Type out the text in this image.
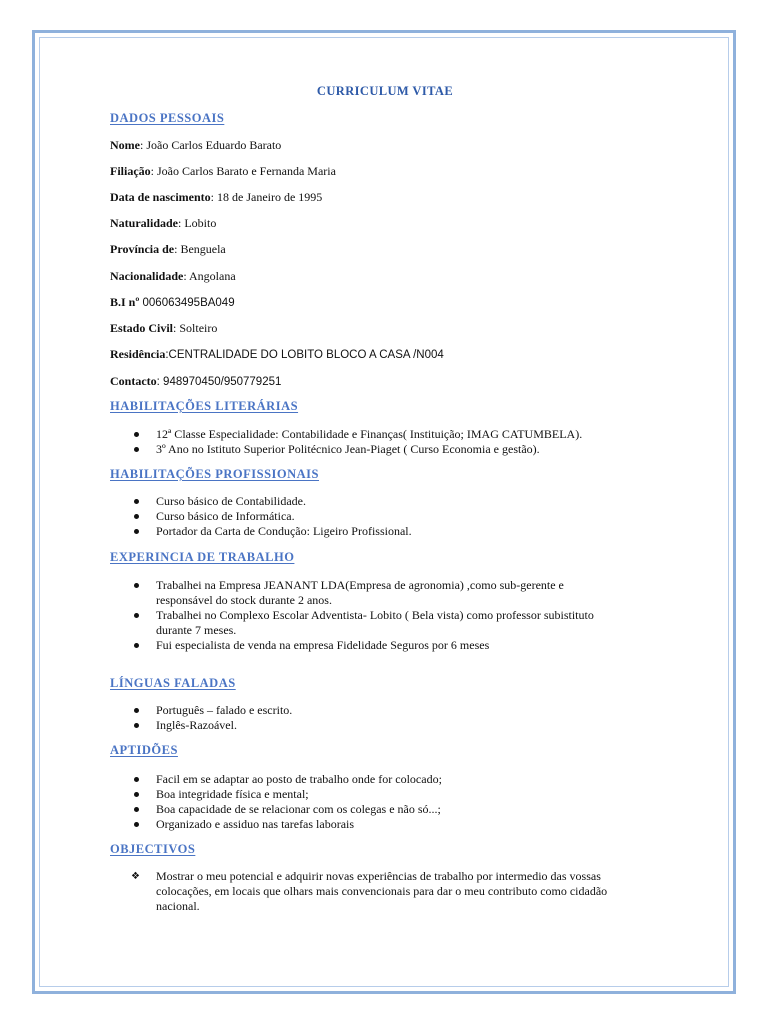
CURRICULUM VITAE
DADOS PESSOAIS
Nome: João Carlos Eduardo Barato
Filiação: João Carlos Barato e Fernanda Maria
Data de nascimento: 18 de Janeiro de 1995
Naturalidade: Lobito
Província de: Benguela
Nacionalidade: Angolana
B.I nº 006063495BA049
Estado Civil: Solteiro
Residência:CENTRALIDADE DO LOBITO BLOCO A CASA /N004
Contacto: 948970450/950779251
HABILITAÇÕES LITERÁRIAS
12ª Classe Especialidade: Contabilidade e Finanças( Instituição; IMAG CATUMBELA).
3º Ano no Istituto Superior Politécnico Jean-Piaget ( Curso Economia e gestão).
HABILITAÇÕES PROFISSIONAIS
Curso básico de Contabilidade.
Curso básico de Informática.
Portador da Carta de Condução: Ligeiro Profissional.
EXPERINCIA DE TRABALHO
Trabalhei na Empresa JEANANT LDA(Empresa de agronomia) ,como sub-gerente e
responsável do stock durante 2 anos.
Trabalhei no Complexo Escolar Adventista- Lobito ( Bela vista) como professor subistituto
durante 7 meses.
Fui especialista de venda na empresa Fidelidade Seguros por 6 meses
LÍNGUAS FALADAS
Português – falado e escrito.
Inglês-Razoável.
APTIDÕES
Facil em se adaptar ao posto de trabalho onde for colocado;
Boa integridade física e mental;
Boa capacidade de se relacionar com os colegas e não só...;
Organizado e assiduo nas tarefas laborais
OBJECTIVOS
❖ Mostrar o meu potencial e adquirir novas experiências de trabalho por intermedio das vossas
colocações, em locais que olhars mais convencionais para dar o meu contributo como cidadão
nacional.
